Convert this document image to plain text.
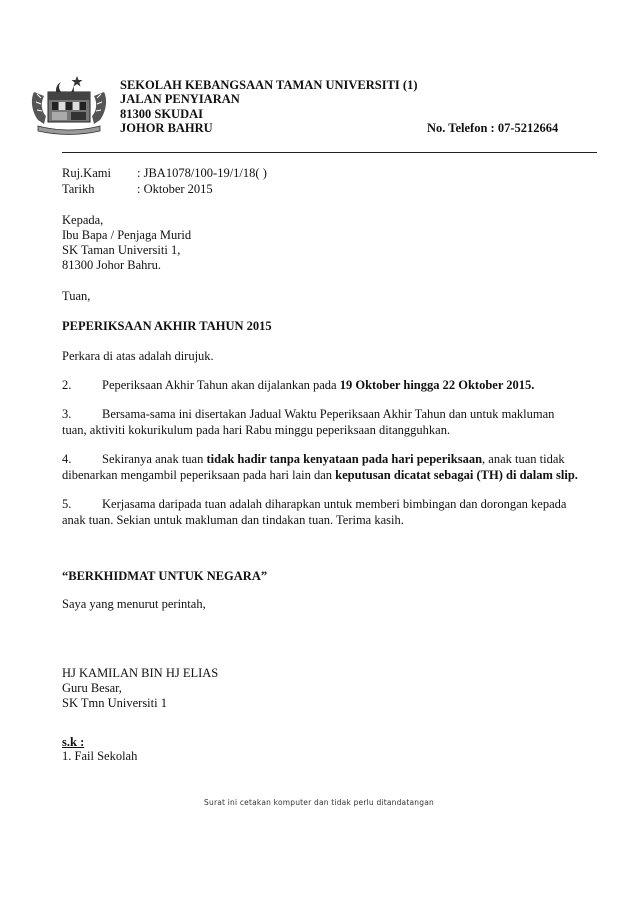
SEKOLAH KEBANGSAAN TAMAN UNIVERSITI (1)
JALAN PENYIARAN
81300 SKUDAI
JOHOR BAHRU	No. Telefon : 07-5212664
Ruj.Kami : JBA1078/100-19/1/18( )
Tarikh	: Oktober 2015
Kepada,
Ibu Bapa / Penjaga Murid
SK Taman Universiti 1,
81300 Johor Bahru.
Tuan,
PEPERIKSAAN AKHIR TAHUN 2015
Perkara di atas adalah dirujuk.
2. Peperiksaan Akhir Tahun akan dijalankan pada 19 Oktober hingga 22 Oktober 2015.
3. Bersama-sama ini disertakan Jadual Waktu Peperiksaan Akhir Tahun dan untuk makluman
tuan, aktiviti kokurikulum pada hari Rabu minggu peperiksaan ditangguhkan.
4. Sekiranya anak tuan tidak hadir tanpa kenyataan pada hari peperiksaan, anak tuan tidak
dibenarkan mengambil peperiksaan pada hari lain dan keputusan dicatat sebagai (TH) di dalam slip.
5. Kerjasama daripada tuan adalah diharapkan untuk memberi bimbingan dan dorongan kepada
anak tuan. Sekian untuk makluman dan tindakan tuan. Terima kasih.
“BERKHIDMAT UNTUK NEGARA”
Saya yang menurut perintah,
HJ KAMILAN BIN HJ ELIAS
Guru Besar,
SK Tmn Universiti 1
s.k :
1. Fail Sekolah
Surat ini cetakan komputer dan tidak perlu ditandatangan
